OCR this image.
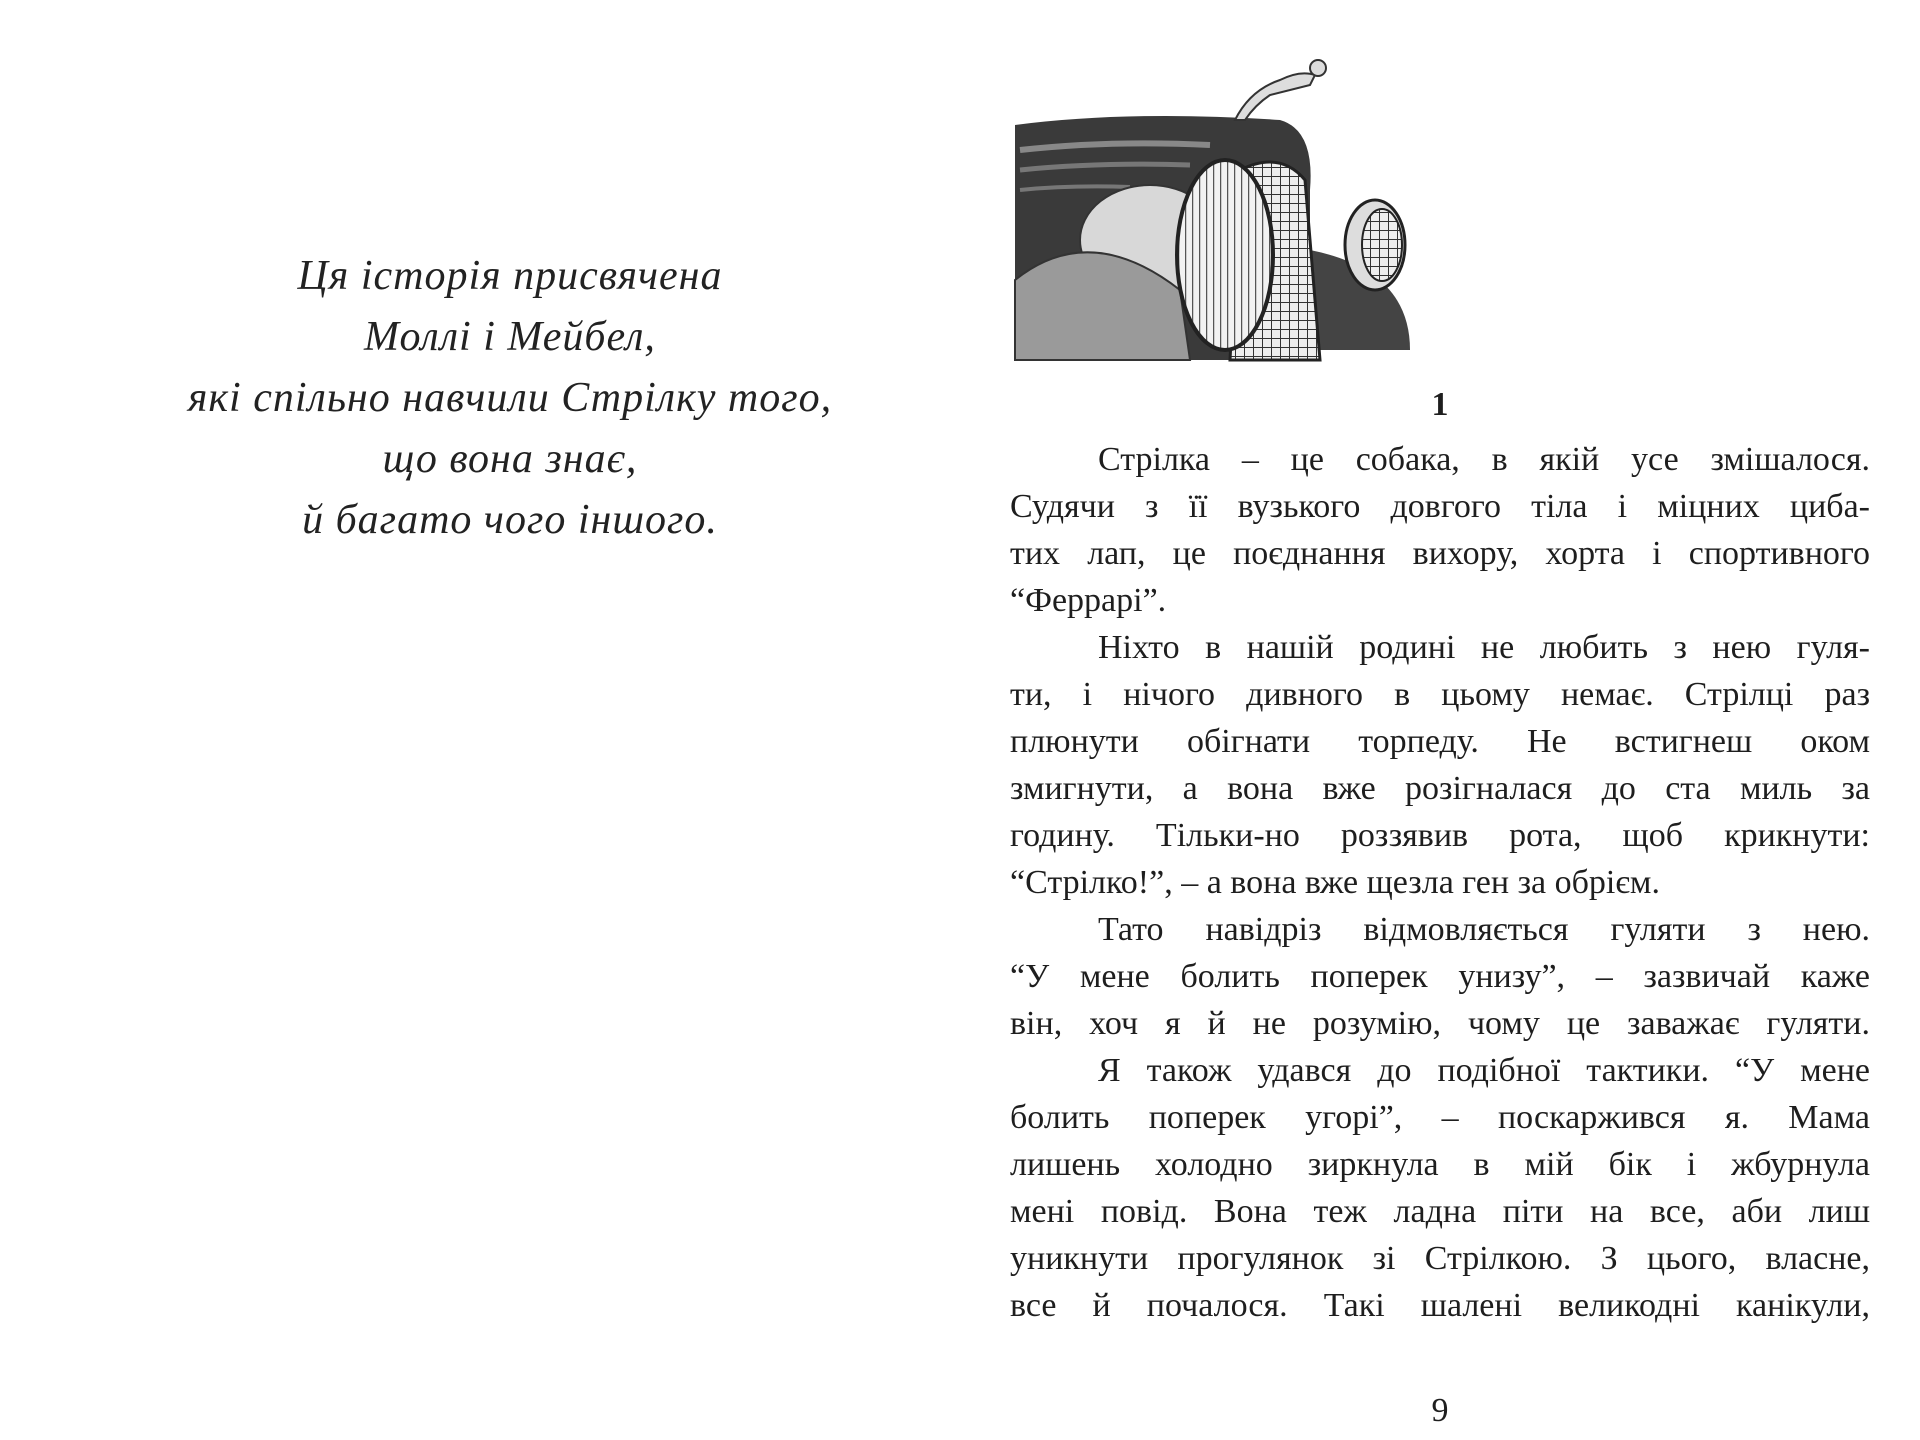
Ця історія присвячена
Моллі і Мейбел,
які спільно навчили Стрілку того,
що вона знає,
й багато чого іншого.
1
Стрілка – це собака, в якій усе змішалося.
Судячи з її вузького довгого тіла і міцних циба-
тих лап, це поєднання вихору, хорта і спортивного
“Феррарі”.
Ніхто в нашій родині не любить з нею гуля-
ти, і нічого дивного в цьому немає. Стрілці раз
плюнути обігнати торпеду. Не встигнеш оком
змигнути, а вона вже розігналася до ста миль за
годину. Тільки-но роззявив рота, щоб крикнути:
“Стрілко!”, – а вона вже щезла ген за обрієм.
Тато навідріз відмовляється гуляти з нею.
“У мене болить поперек унизу”, – зазвичай каже
він, хоч я й не розумію, чому це заважає гуляти.
Я також удався до подібної тактики. “У мене
болить поперек угорі”, – поскаржився я. Мама
лишень холодно зиркнула в мій бік і жбурнула
мені повід. Вона теж ладна піти на все, аби лиш
уникнути прогулянок зі Стрілкою. З цього, власне,
все й почалося. Такі шалені великодні канікули,
9
